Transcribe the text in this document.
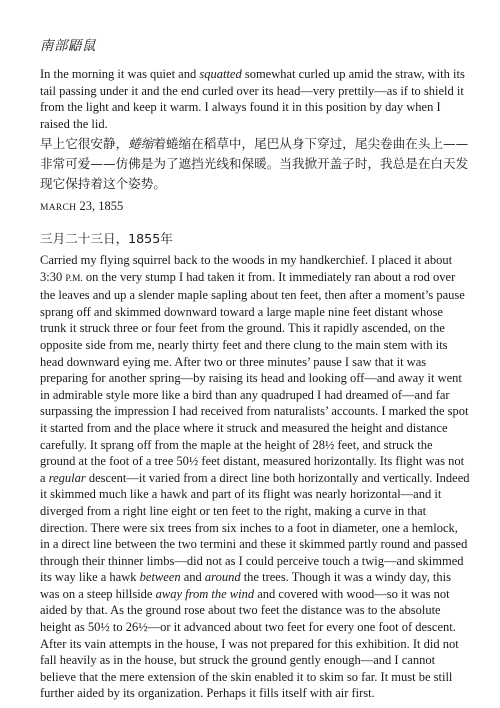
南部鼯鼠

In the morning it was quiet and squatted somewhat curled up amid the straw, with its tail passing under it and the end curled over its head—very prettily—as if to shield it from the light and keep it warm. I always found it in this position by day when I raised the lid.

早上它很安静，蜷缩着蜷缩在稻草中，尾巴从身下穿过，尾尖卷曲在头上——非常可爱——仿佛是为了遮挡光线和保暖。当我掀开盖子时，我总是在白天发现它保持着这个姿势。

MARCH 23, 1855

三月二十三日，1855年

Carried my flying squirrel back to the woods in my handkerchief. I placed it about 3:30 P.M. on the very stump I had taken it from. It immediately ran about a rod over the leaves and up a slender maple sapling about ten feet, then after a moment’s pause sprang off and skimmed downward toward a large maple nine feet distant whose trunk it struck three or four feet from the ground. This it rapidly ascended, on the opposite side from me, nearly thirty feet and there clung to the main stem with its head downward eying me. After two or three minutes’ pause I saw that it was preparing for another spring—by raising its head and looking off—and away it went in admirable style more like a bird than any quadruped I had dreamed of—and far surpassing the impression I had received from naturalists’ accounts. I marked the spot it started from and the place where it struck and measured the height and distance carefully. It sprang off from the maple at the height of 28½ feet, and struck the ground at the foot of a tree 50½ feet distant, measured horizontally. Its flight was not a regular descent—it varied from a direct line both horizontally and vertically. Indeed it skimmed much like a hawk and part of its flight was nearly horizontal—and it diverged from a right line eight or ten feet to the right, making a curve in that direction. There were six trees from six inches to a foot in diameter, one a hemlock, in a direct line between the two termini and these it skimmed partly round and passed through their thinner limbs—did not as I could perceive touch a twig—and skimmed its way like a hawk between and around the trees. Though it was a windy day, this was on a steep hillside away from the wind and covered with wood—so it was not aided by that. As the ground rose about two feet the distance was to the absolute height as 50½ to 26½—or it advanced about two feet for every one foot of descent. After its vain attempts in the house, I was not prepared for this exhibition. It did not fall heavily as in the house, but struck the ground gently enough—and I cannot believe that the mere extension of the skin enabled it to skim so far. It must be still further aided by its organization. Perhaps it fills itself with air first.
